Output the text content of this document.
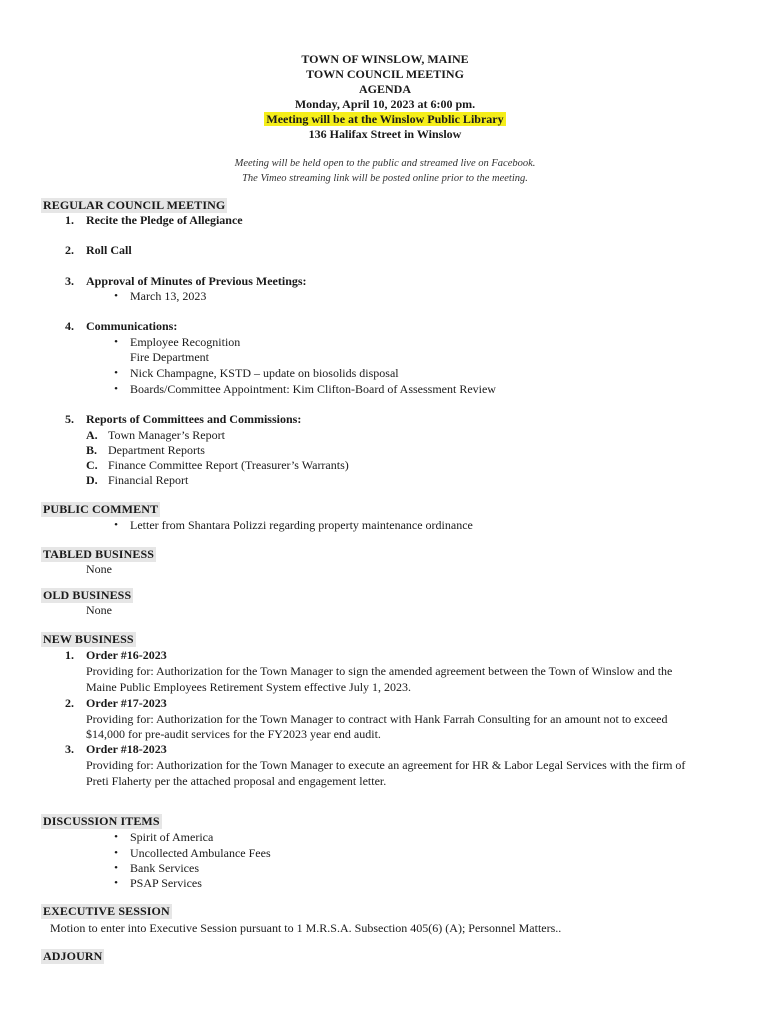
TOWN OF WINSLOW, MAINE
TOWN COUNCIL MEETING
AGENDA
Monday, April 10, 2023 at 6:00 pm.
Meeting will be at the Winslow Public Library
136 Halifax Street in Winslow
Meeting will be held open to the public and streamed live on Facebook.
The Vimeo streaming link will be posted online prior to the meeting.
REGULAR COUNCIL MEETING
1. Recite the Pledge of Allegiance
2. Roll Call
3. Approval of Minutes of Previous Meetings:
• March 13, 2023
4. Communications:
• Employee Recognition
Fire Department
• Nick Champagne, KSTD – update on biosolids disposal
• Boards/Committee Appointment: Kim Clifton-Board of Assessment Review
5. Reports of Committees and Commissions:
A. Town Manager’s Report
B. Department Reports
C. Finance Committee Report (Treasurer’s Warrants)
D. Financial Report
PUBLIC COMMENT
• Letter from Shantara Polizzi regarding property maintenance ordinance
TABLED BUSINESS
None
OLD BUSINESS
None
NEW BUSINESS
1. Order #16-2023
Providing for: Authorization for the Town Manager to sign the amended agreement between the Town of Winslow and the
Maine Public Employees Retirement System effective July 1, 2023.
2. Order #17-2023
Providing for: Authorization for the Town Manager to contract with Hank Farrah Consulting for an amount not to exceed
$14,000 for pre-audit services for the FY2023 year end audit.
3. Order #18-2023
Providing for: Authorization for the Town Manager to execute an agreement for HR & Labor Legal Services with the firm of
Preti Flaherty per the attached proposal and engagement letter.
DISCUSSION ITEMS
• Spirit of America
• Uncollected Ambulance Fees
• Bank Services
• PSAP Services
EXECUTIVE SESSION
Motion to enter into Executive Session pursuant to 1 M.R.S.A. Subsection 405(6) (A); Personnel Matters..
ADJOURN
